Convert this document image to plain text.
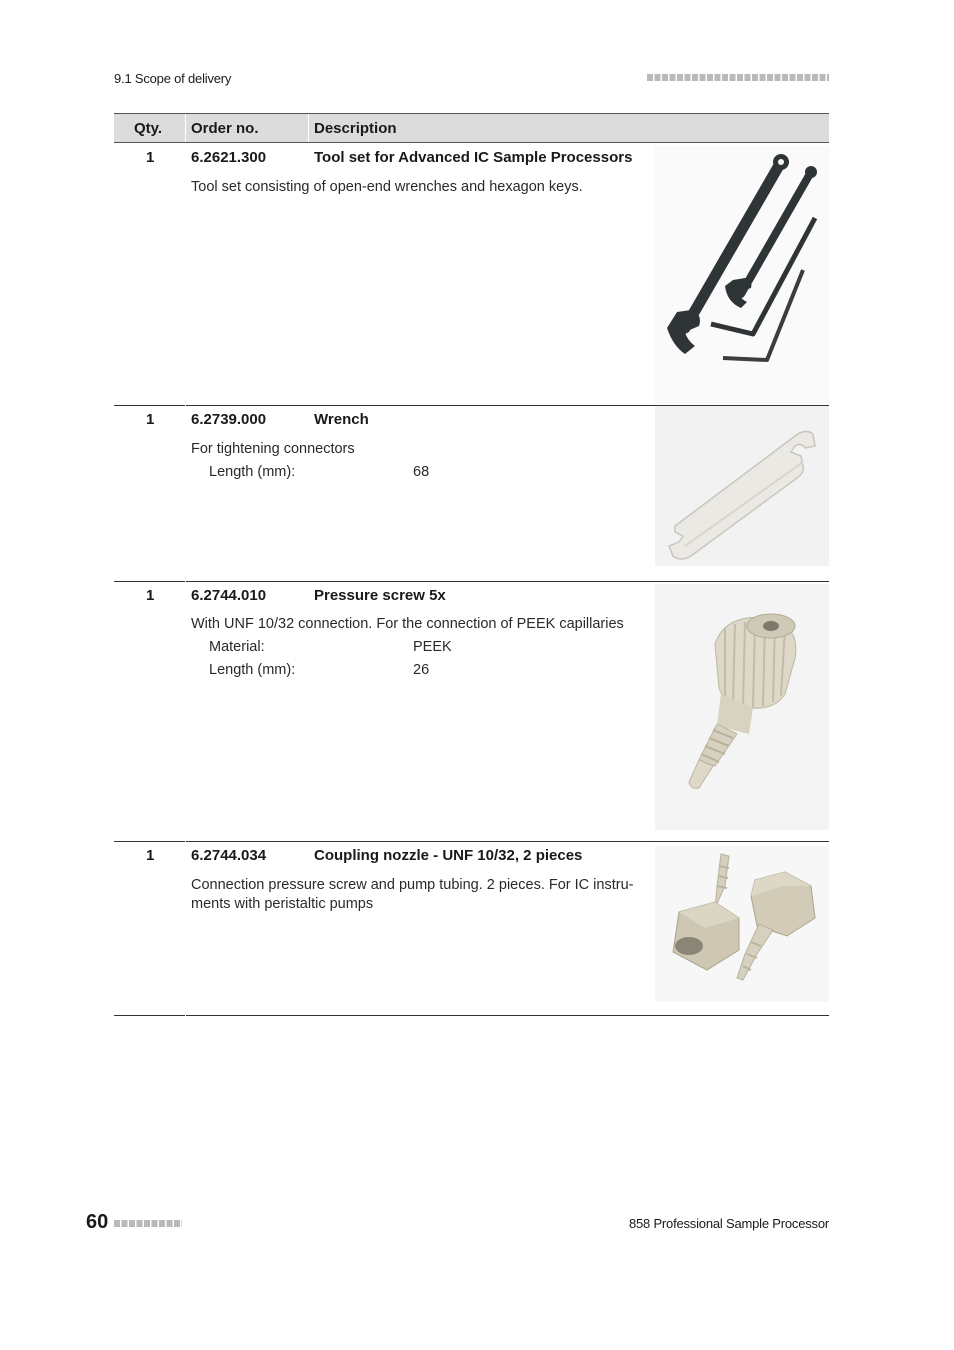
9.1 Scope of delivery
Qty. Order no.	Description
1 6.2621.300	Tool set for Advanced IC Sample Processors
Tool set consisting of open-end wrenches and hexagon keys.
1 6.2739.000	Wrench
For tightening connectors
Length (mm):	68
1 6.2744.010	Pressure screw 5x
With UNF 10/32 connection. For the connection of PEEK capillaries
Material:	PEEK
Length (mm):	26
1 6.2744.034	Coupling nozzle - UNF 10/32, 2 pieces
Connection pressure screw and pump tubing. 2 pieces. For IC instru-
ments with peristaltic pumps
60	858 Professional Sample Processor
